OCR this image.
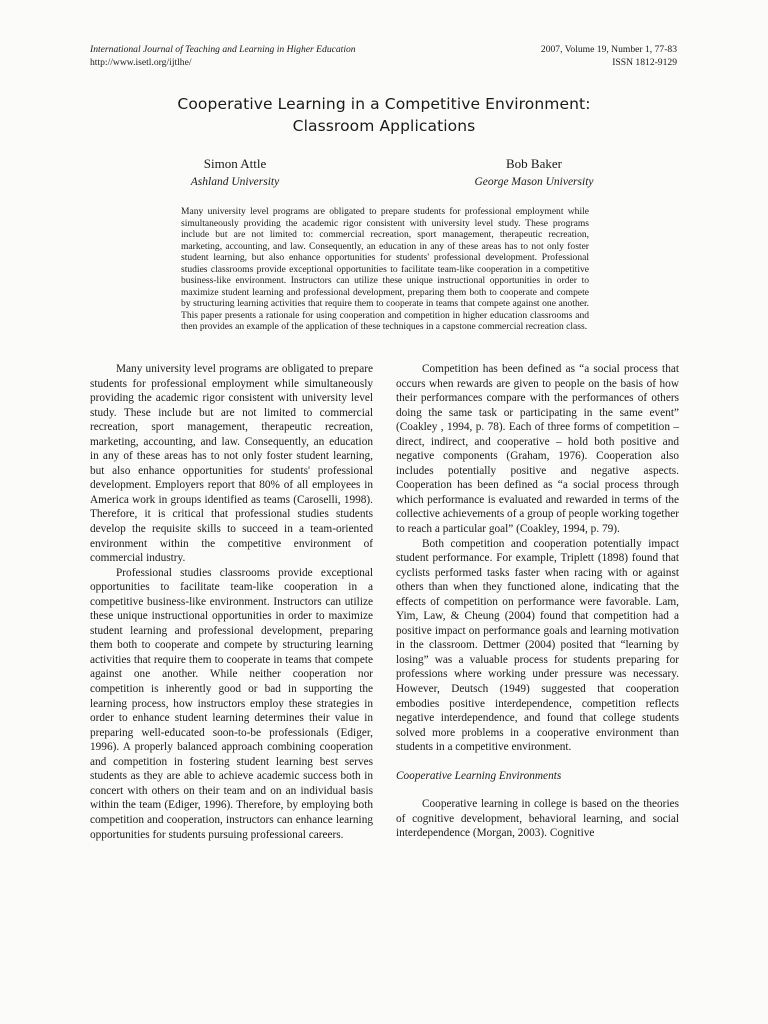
International Journal of Teaching and Learning in Higher Education
http://www.isetl.org/ijtlhe/
2007, Volume 19, Number 1, 77-83
ISSN 1812-9129
Cooperative Learning in a Competitive Environment:
Classroom Applications
Simon Attle
Ashland University
Bob Baker
George Mason University
Many university level programs are obligated to prepare students for professional employment while simultaneously providing the academic rigor consistent with university level study. These programs include but are not limited to: commercial recreation, sport management, therapeutic recreation, marketing, accounting, and law. Consequently, an education in any of these areas has to not only foster student learning, but also enhance opportunities for students' professional development. Professional studies classrooms provide exceptional opportunities to facilitate team-like cooperation in a competitive business-like environment. Instructors can utilize these unique instructional opportunities in order to maximize student learning and professional development, preparing them both to cooperate and compete by structuring learning activities that require them to cooperate in teams that compete against one another. This paper presents a rationale for using cooperation and competition in higher education classrooms and then provides an example of the application of these techniques in a capstone commercial recreation class.

Many university level programs are obligated to prepare students for professional employment while simultaneously providing the academic rigor consistent with university level study. These include but are not limited to commercial recreation, sport management, therapeutic recreation, marketing, accounting, and law. Consequently, an education in any of these areas has to not only foster student learning, but also enhance opportunities for students' professional development. Employers report that 80% of all employees in America work in groups identified as teams (Caroselli, 1998). Therefore, it is critical that professional studies students develop the requisite skills to succeed in a team-oriented environment within the competitive environment of commercial industry.

Professional studies classrooms provide exceptional opportunities to facilitate team-like cooperation in a competitive business-like environment. Instructors can utilize these unique instructional opportunities in order to maximize student learning and professional development, preparing them both to cooperate and compete by structuring learning activities that require them to cooperate in teams that compete against one another. While neither cooperation nor competition is inherently good or bad in supporting the learning process, how instructors employ these strategies in order to enhance student learning determines their value in preparing well-educated soon-to-be professionals (Ediger, 1996). A properly balanced approach combining cooperation and competition in fostering student learning best serves students as they are able to achieve academic success both in concert with others on their team and on an individual basis within the team (Ediger, 1996). Therefore, by employing both competition and cooperation, instructors can enhance learning opportunities for students pursuing professional careers.

Competition has been defined as “a social process that occurs when rewards are given to people on the basis of how their performances compare with the performances of others doing the same task or participating in the same event” (Coakley , 1994, p. 78). Each of three forms of competition – direct, indirect, and cooperative – hold both positive and negative components (Graham, 1976). Cooperation also includes potentially positive and negative aspects. Cooperation has been defined as “a social process through which performance is evaluated and rewarded in terms of the collective achievements of a group of people working together to reach a particular goal” (Coakley, 1994, p. 79).

Both competition and cooperation potentially impact student performance. For example, Triplett (1898) found that cyclists performed tasks faster when racing with or against others than when they functioned alone, indicating that the effects of competition on performance were favorable. Lam, Yim, Law, & Cheung (2004) found that competition had a positive impact on performance goals and learning motivation in the classroom. Dettmer (2004) posited that “learning by losing” was a valuable process for students preparing for professions where working under pressure was necessary. However, Deutsch (1949) suggested that cooperation embodies positive interdependence, competition reflects negative interdependence, and found that college students solved more problems in a cooperative environment than students in a competitive environment.

Cooperative Learning Environments

Cooperative learning in college is based on the theories of cognitive development, behavioral learning, and social interdependence (Morgan, 2003). Cognitive
